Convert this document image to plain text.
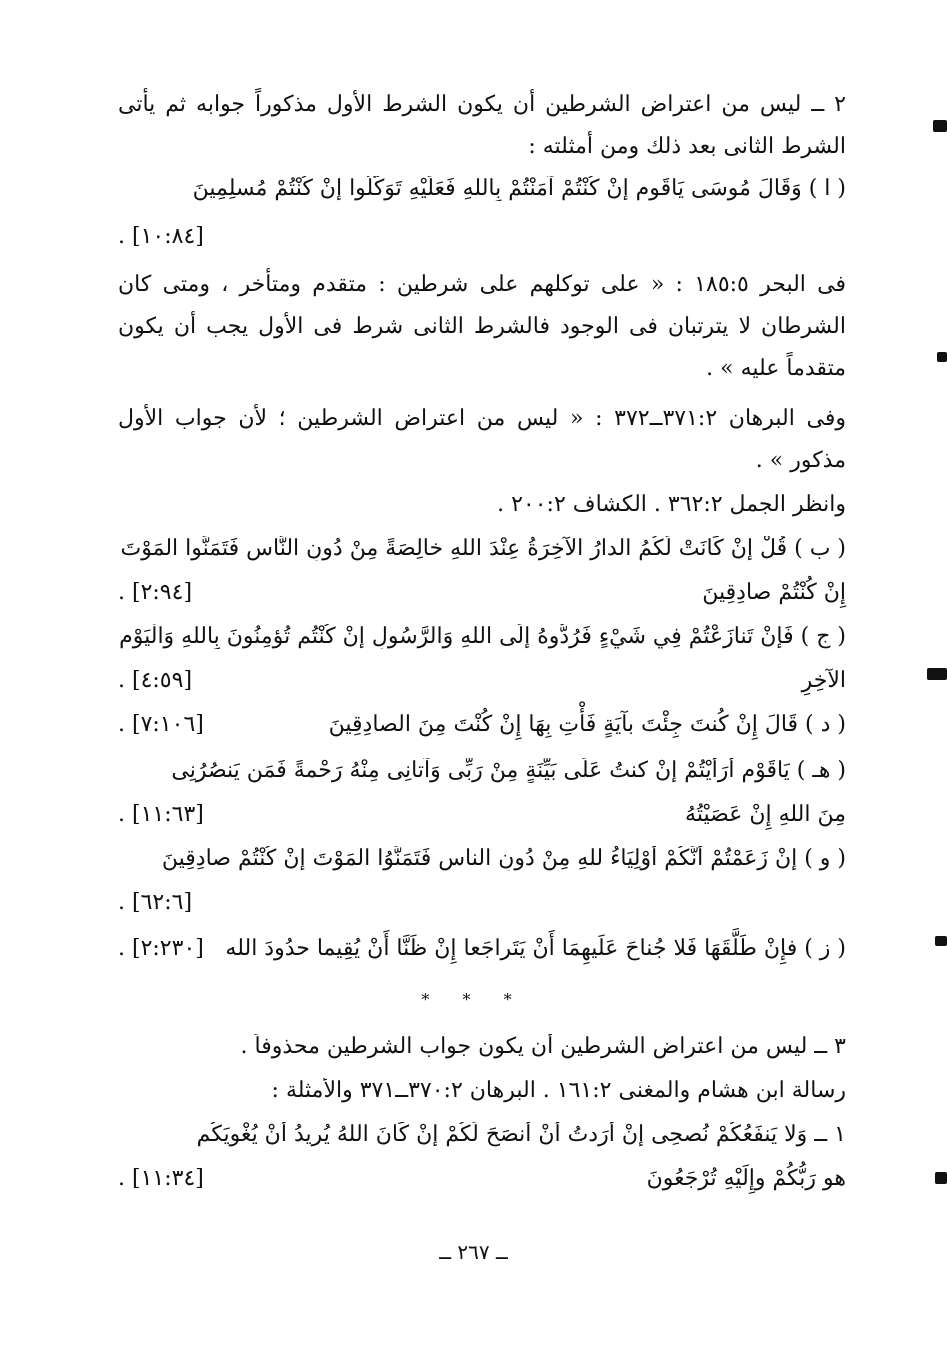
٢ ــ ليس من اعتراض الشرطين أن يكون الشرط الأول مذكوراً جوابه ثم يأتى الشرط الثانى بعد ذلك ومن أمثلته :
( ا ) وَقَالَ مُوسَى يَاقَومِ إِنْ كُنْتُمْ آمَنْتُمْ بِاللهِ فَعَلَيْهِ تَوَكَّلُوا إِنْ كُنْتُمْ مُسلِمِينَ
. [١٠:٨٤]
فى البحر ١٨٥:٥ : « على توكلهم على شرطين : متقدم ومتأخر ، ومتى كان الشرطان لا يترتبان فى الوجود فالشرط الثانى شرط فى الأول يجب أن يكون متقدماً عليه » .
وفى البرهان ٣٧١:٢ــ٣٧٢ : « ليس من اعتراض الشرطين ؛ لأن جواب الأول مذكور » .
وانظر الجمل ٣٦٢:٢ . الكشاف ٢٠٠:٢ .
( ب ) قُلْ إِنْ كَانَتْ لَكُمُ الدارُ الآخِرَةُ عِنْدَ اللهِ خالِصَةً مِنْ دُونِ النَّاسِ فَتَمَنَّوا المَوْتَ
إِنْ كُنْتُمْ صادِقِينَ
. [٢:٩٤]
( ج ) فَإِنْ تَنازَعْتُمْ فِي شَيْءٍ فَرُدُّوهُ إِلَى اللهِ وَالرَّسُولِ إِنْ كُنْتُم تُؤمِنُونَ بِاللهِ وَالْيَوْمِ
الآخِرِ
. [٤:٥٩]
( د ) قَالَ إِنْ كُنتَ جِئْتَ بآيَةٍ فَأْتِ بِهَا إِنْ كُنْتَ مِنَ الصادِقِينَ
. [٧:١٠٦]
( هـ ) يَاقَوْمِ أَرَأَيْتُمْ إِنْ كنتُ عَلَى بَيِّنَةٍ مِنْ رَبِّى وَآتانِى مِنْهُ رَحْمةً فَمَن يَنصُرُنِى
مِنَ اللهِ إِنْ عَصَيْتُهُ
. [١١:٦٣]
( و ) إِنْ زَعَمْتُمْ أَنَّكُمْ أَوْلِيَاءُ للهِ مِنْ دُونِ الناسِ فَتَمَنَّوُا المَوْتَ إِنْ كُنْتُمْ صادِقِينَ
. [٦٢:٦]
( ز ) فإِنْ طَلَّقَهَا فَلا جُناحَ عَلَيهِمَا أَنْ يَتَراجَعا إِنْ ظَنَّا أَنْ يُقِيما حدُودَ الله
. [٢:٢٣٠]
* * *
٣ ــ ليس من اعتراض الشرطين أن يكون جواب الشرطين محذوفاً .
رسالة ابن هشام والمغنى ١٦١:٢ . البرهان ٣٧٠:٢ــ٣٧١ والأمثلة :
١ ــ وَلا يَنفَعُكُمْ نُصحِى إِنْ أَرَدتُ أَنْ أَنصَحَ لَكُمْ إِنْ كَانَ اللهُ يُرِيدُ أَنْ يُغْوِيَكُم
هو رَبُّكُمْ وإِلَيْهِ تُرْجَعُونَ
. [١١:٣٤]
ــ ٢٦٧ ــ
